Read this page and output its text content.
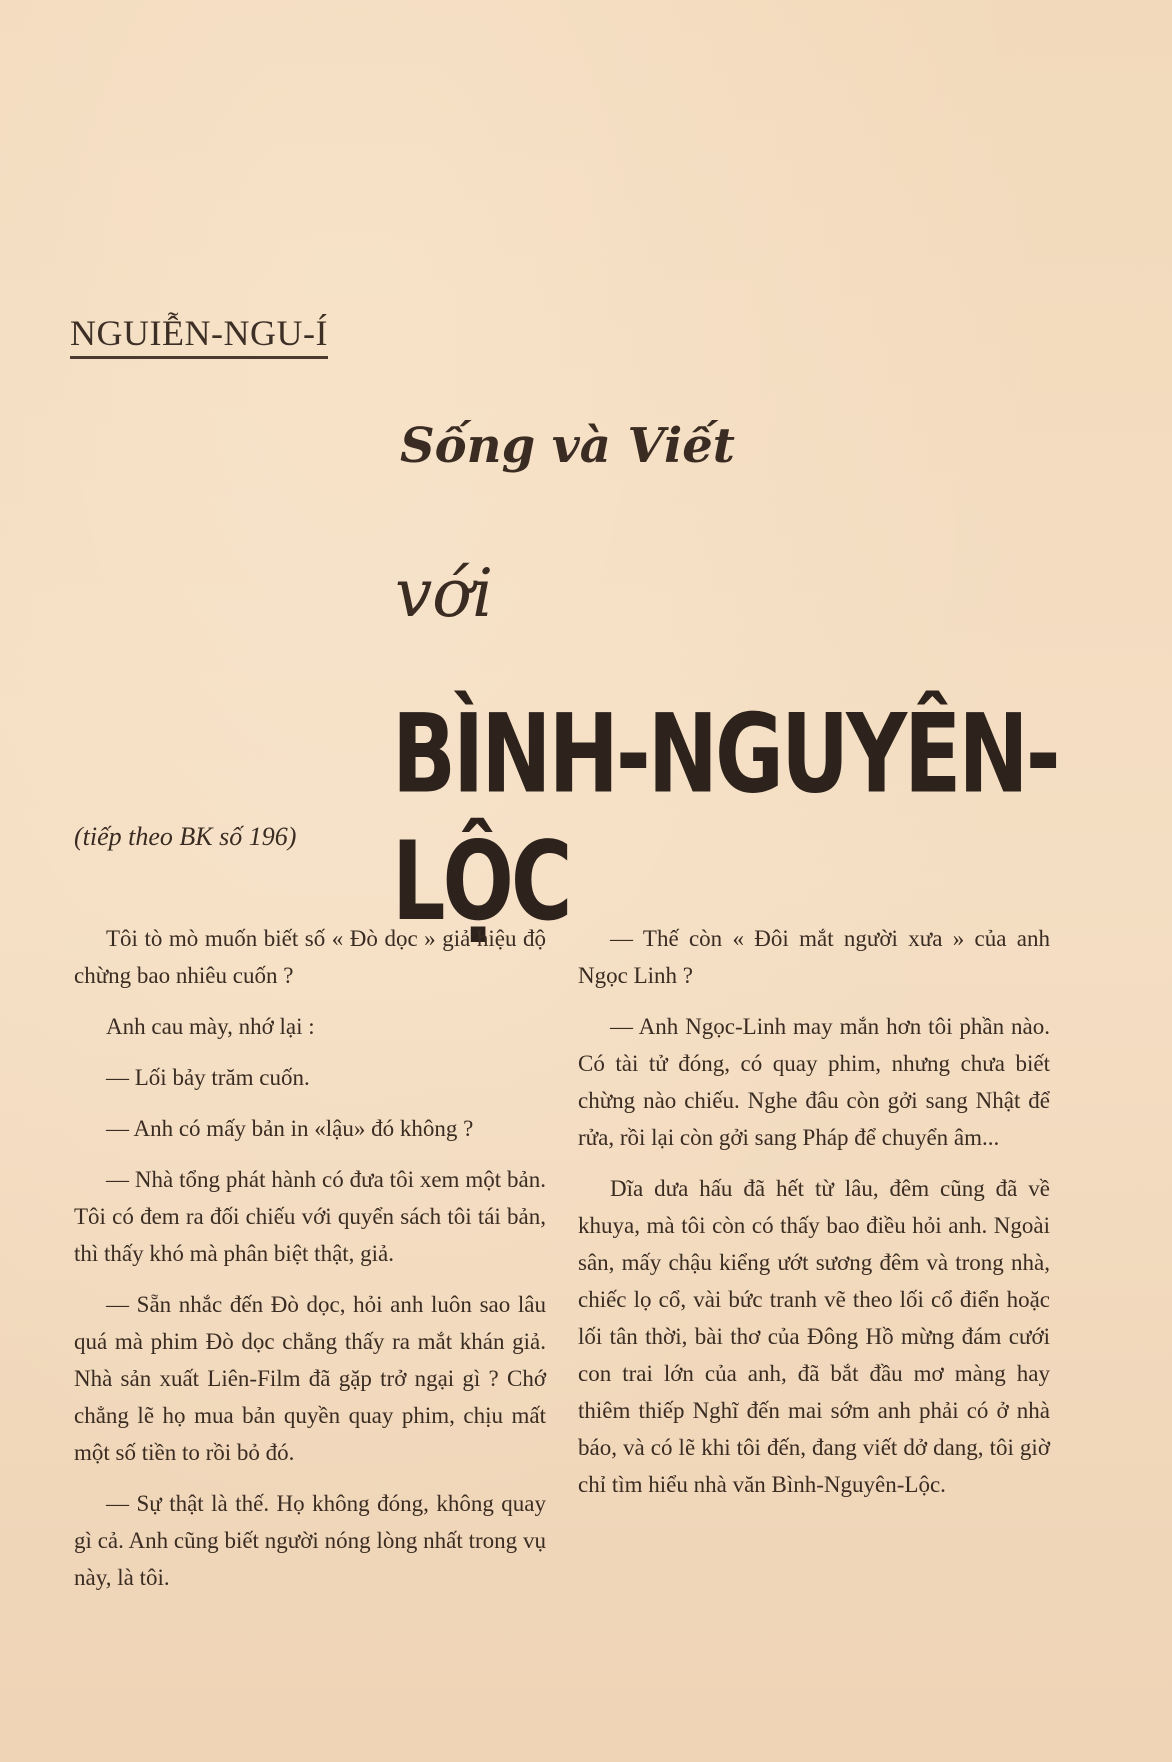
NGUIỄN-NGU-Í
Sống và Viết
với
BÌNH-NGUYÊN-LỘC
(tiếp theo BK số 196)

Tôi tò mò muốn biết số « Đò dọc » giả hiệu độ chừng bao nhiêu cuốn ?

Anh cau mày, nhớ lại :

— Lối bảy trăm cuốn.

— Anh có mấy bản in «lậu» đó không ?

— Nhà tổng phát hành có đưa tôi xem một bản. Tôi có đem ra đối chiếu với quyển sách tôi tái bản, thì thấy khó mà phân biệt thật, giả.

— Sẵn nhắc đến Đò dọc, hỏi anh luôn sao lâu quá mà phim Đò dọc chẳng thấy ra mắt khán giả. Nhà sản xuất Liên-Film đã gặp trở ngại gì ? Chớ chẳng lẽ họ mua bản quyền quay phim, chịu mất một số tiền to rồi bỏ đó.

— Sự thật là thế. Họ không đóng, không quay gì cả. Anh cũng biết người nóng lòng nhất trong vụ này, là tôi.

— Thế còn « Đôi mắt người xưa » của anh Ngọc Linh ?

— Anh Ngọc-Linh may mắn hơn tôi phần nào. Có tài tử đóng, có quay phim, nhưng chưa biết chừng nào chiếu. Nghe đâu còn gởi sang Nhật để rửa, rồi lại còn gởi sang Pháp để chuyển âm...

Dĩa dưa hấu đã hết từ lâu, đêm cũng đã về khuya, mà tôi còn có thấy bao điều hỏi anh. Ngoài sân, mấy chậu kiểng ướt sương đêm và trong nhà, chiếc lọ cổ, vài bức tranh vẽ theo lối cổ điển hoặc lối tân thời, bài thơ của Đông Hồ mừng đám cưới con trai lớn của anh, đã bắt đầu mơ màng hay thiêm thiếp Nghĩ đến mai sớm anh phải có ở nhà báo, và có lẽ khi tôi đến, đang viết dở dang, tôi giờ chỉ tìm hiểu nhà văn Bình-Nguyên-Lộc.
